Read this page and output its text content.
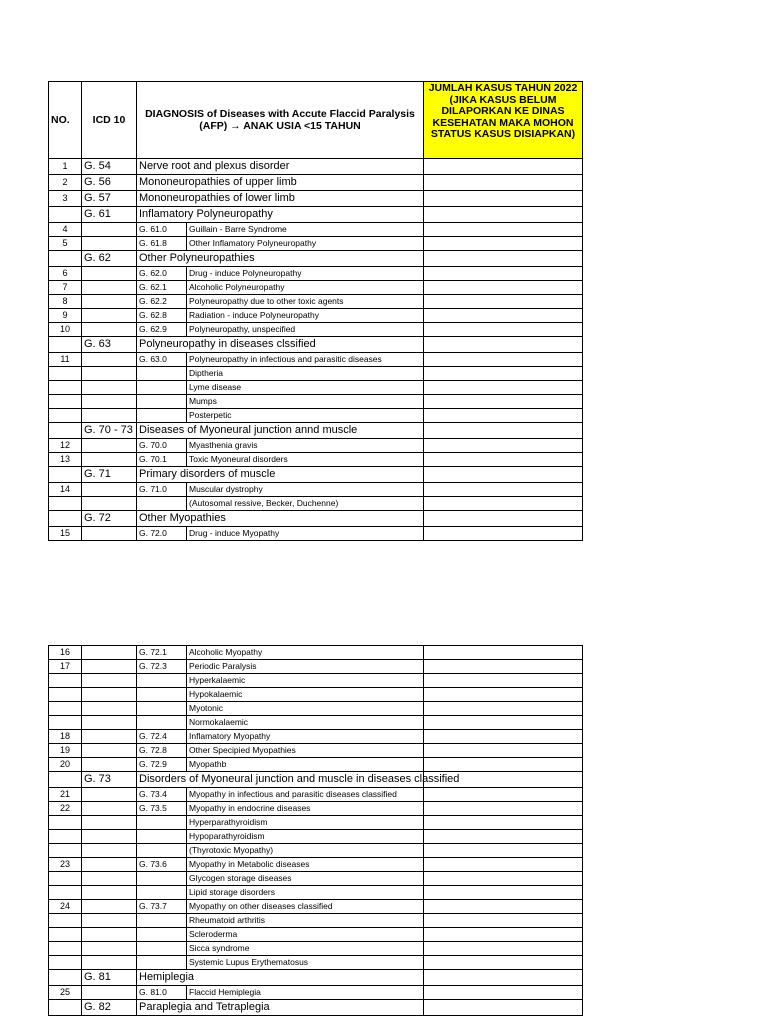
NO.	ICD 10	DIAGNOSIS of Diseases with Accute Flaccid Paralysis (AFP) → ANAK USIA <15 TAHUN		JUMLAH KASUS TAHUN 2022 (JIKA KASUS BELUM DILAPORKAN KE DINAS KESEHATAN MAKA MOHON STATUS KASUS DISIAPKAN)
1	G. 54	Nerve root and plexus disorder		
2	G. 56	Mononeuropathies of upper limb		
3	G. 57	Mononeuropathies of lower limb		
	G. 61	Inflamatory Polyneuropathy		
4		G. 61.0	Guillain - Barre Syndrome	
5		G. 61.8	Other Inflamatory Polyneuropathy	
	G. 62	Other Polyneuropathies		
6		G. 62.0	Drug - induce Polyneuropathy	
7		G. 62.1	Alcoholic Polyneuropathy	
8		G. 62.2	Polyneuropathy due to other toxic agents	
9		G. 62.8	Radiation - induce Polyneuropathy	
10		G. 62.9	Polyneuropathy, unspecified	
	G. 63	Polyneuropathy in diseases clssified		
11		G. 63.0	Polyneuropathy in infectious and parasitic diseases	
			Diptheria	
			Lyme disease	
			Mumps	
			Posterpetic	
	G. 70 - 73	Diseases of Myoneural junction annd muscle		
12		G. 70.0	Myasthenia gravis	
13		G. 70.1	Toxic Myoneural disorders	
	G. 71	Primary disorders of muscle		
14		G. 71.0	Muscular dystrophy	
			(Autosomal ressive, Becker, Duchenne)	
	G. 72	Other Myopathies		
15		G. 72.0	Drug - induce Myopathy	
16		G. 72.1	Alcoholic Myopathy	
17		G. 72.3	Periodic Paralysis	
			Hyperkalaemic	
			Hypokalaemic	
			Myotonic	
			Normokalaemic	
18		G. 72.4	Inflamatory Myopathy	
19		G. 72.8	Other Specipied Myopathies	
20		G. 72.9	Myopathb	
	G. 73	Disorders of Myoneural junction and muscle in diseases classified		
21		G. 73.4	Myopathy in infectious and parasitic diseases classified	
22		G. 73.5	Myopathy in endocrine diseases	
			Hyperparathyroidism	
			Hypoparathyroidism	
			(Thyrotoxic Myopathy)	
23		G. 73.6	Myopathy in Metabolic diseases	
			Glycogen storage diseases	
			Lipid storage disorders	
24		G. 73.7	Myopathy on other diseases classified	
			Rheumatoid arthritis	
			Scleroderma	
			Sicca syndrome	
			Systemic Lupus Erythematosus	
	G. 81	Hemiplegia		
25		G. 81.0	Flaccid Hemiplegia	
	G. 82	Paraplegia and Tetraplegia		
